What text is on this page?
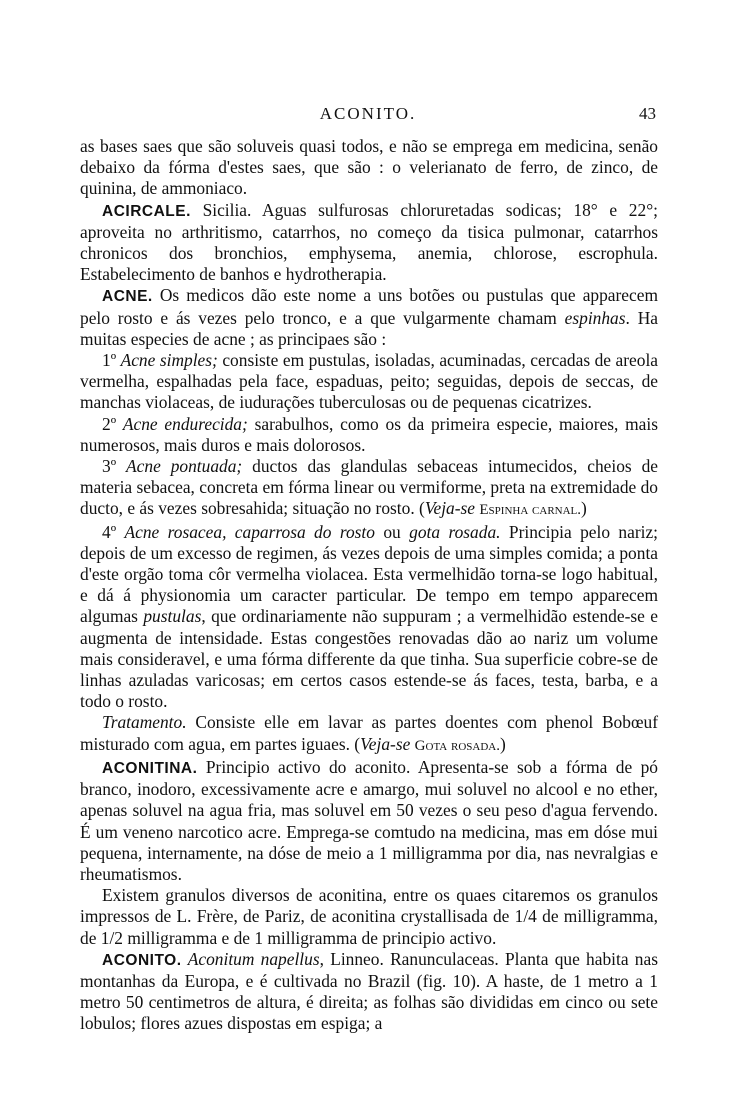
ACONITO.	43

as bases saes que são soluveis quasi todos, e não se emprega em medicina, senão debaixo da fórma d'estes saes, que são : o velerianato de ferro, de zinco, de quinina, de ammoniaco.

ACIRCALE. Sicilia. Aguas sulfurosas chloruretadas sodicas; 18° e 22°; aproveita no arthritismo, catarrhos, no começo da tisica pulmonar, catarrhos chronicos dos bronchios, emphysema, anemia, chlorose, escrophula. Estabelecimento de banhos e hydrotherapia.

ACNE. Os medicos dão este nome a uns botões ou pustulas que apparecem pelo rosto e ás vezes pelo tronco, e a que vulgarmente chamam espinhas. Ha muitas especies de acne ; as principaes são :

1º Acne simples; consiste em pustulas, isoladas, acuminadas, cercadas de areola vermelha, espalhadas pela face, espaduas, peito; seguidas, depois de seccas, de manchas violaceas, de iudurações tuberculosas ou de pequenas cicatrizes.

2º Acne endurecida; sarabulhos, como os da primeira especie, maiores, mais numerosos, mais duros e mais dolorosos.

3º Acne pontuada; ductos das glandulas sebaceas intumecidos, cheios de materia sebacea, concreta em fórma linear ou vermiforme, preta na extremidade do ducto, e ás vezes sobresahida; situação no rosto. (Veja-se Espinha carnal.)

4º Acne rosacea, caparrosa do rosto ou gota rosada. Principia pelo nariz; depois de um excesso de regimen, ás vezes depois de uma simples comida; a ponta d'este orgão toma côr vermelha violacea. Esta vermelhidão torna-se logo habitual, e dá á physionomia um caracter particular. De tempo em tempo apparecem algumas pustulas, que ordinariamente não suppuram ; a vermelhidão estende-se e augmenta de intensidade. Estas congestões renovadas dão ao nariz um volume mais consideravel, e uma fórma differente da que tinha. Sua superficie cobre-se de linhas azuladas varicosas; em certos casos estende-se ás faces, testa, barba, e a todo o rosto.

Tratamento. Consiste elle em lavar as partes doentes com phenol Bobœuf misturado com agua, em partes iguaes. (Veja-se Gota rosada.)

ACONITINA. Principio activo do aconito. Apresenta-se sob a fórma de pó branco, inodoro, excessivamente acre e amargo, mui soluvel no alcool e no ether, apenas soluvel na agua fria, mas soluvel em 50 vezes o seu peso d'agua fervendo. É um veneno narcotico acre. Emprega-se comtudo na medicina, mas em dóse mui pequena, internamente, na dóse de meio a 1 milligramma por dia, nas nevralgias e rheumatismos.

Existem granulos diversos de aconitina, entre os quaes citaremos os granulos impressos de L. Frère, de Pariz, de aconitina crystallisada de 1/4 de milligramma, de 1/2 milligramma e de 1 milligramma de principio activo.

ACONITO. Aconitum napellus, Linneo. Ranunculaceas. Planta que habita nas montanhas da Europa, e é cultivada no Brazil (fig. 10). A haste, de 1 metro a 1 metro 50 centimetros de altura, é direita; as folhas são divididas em cinco ou sete lobulos; flores azues dispostas em espiga; a
